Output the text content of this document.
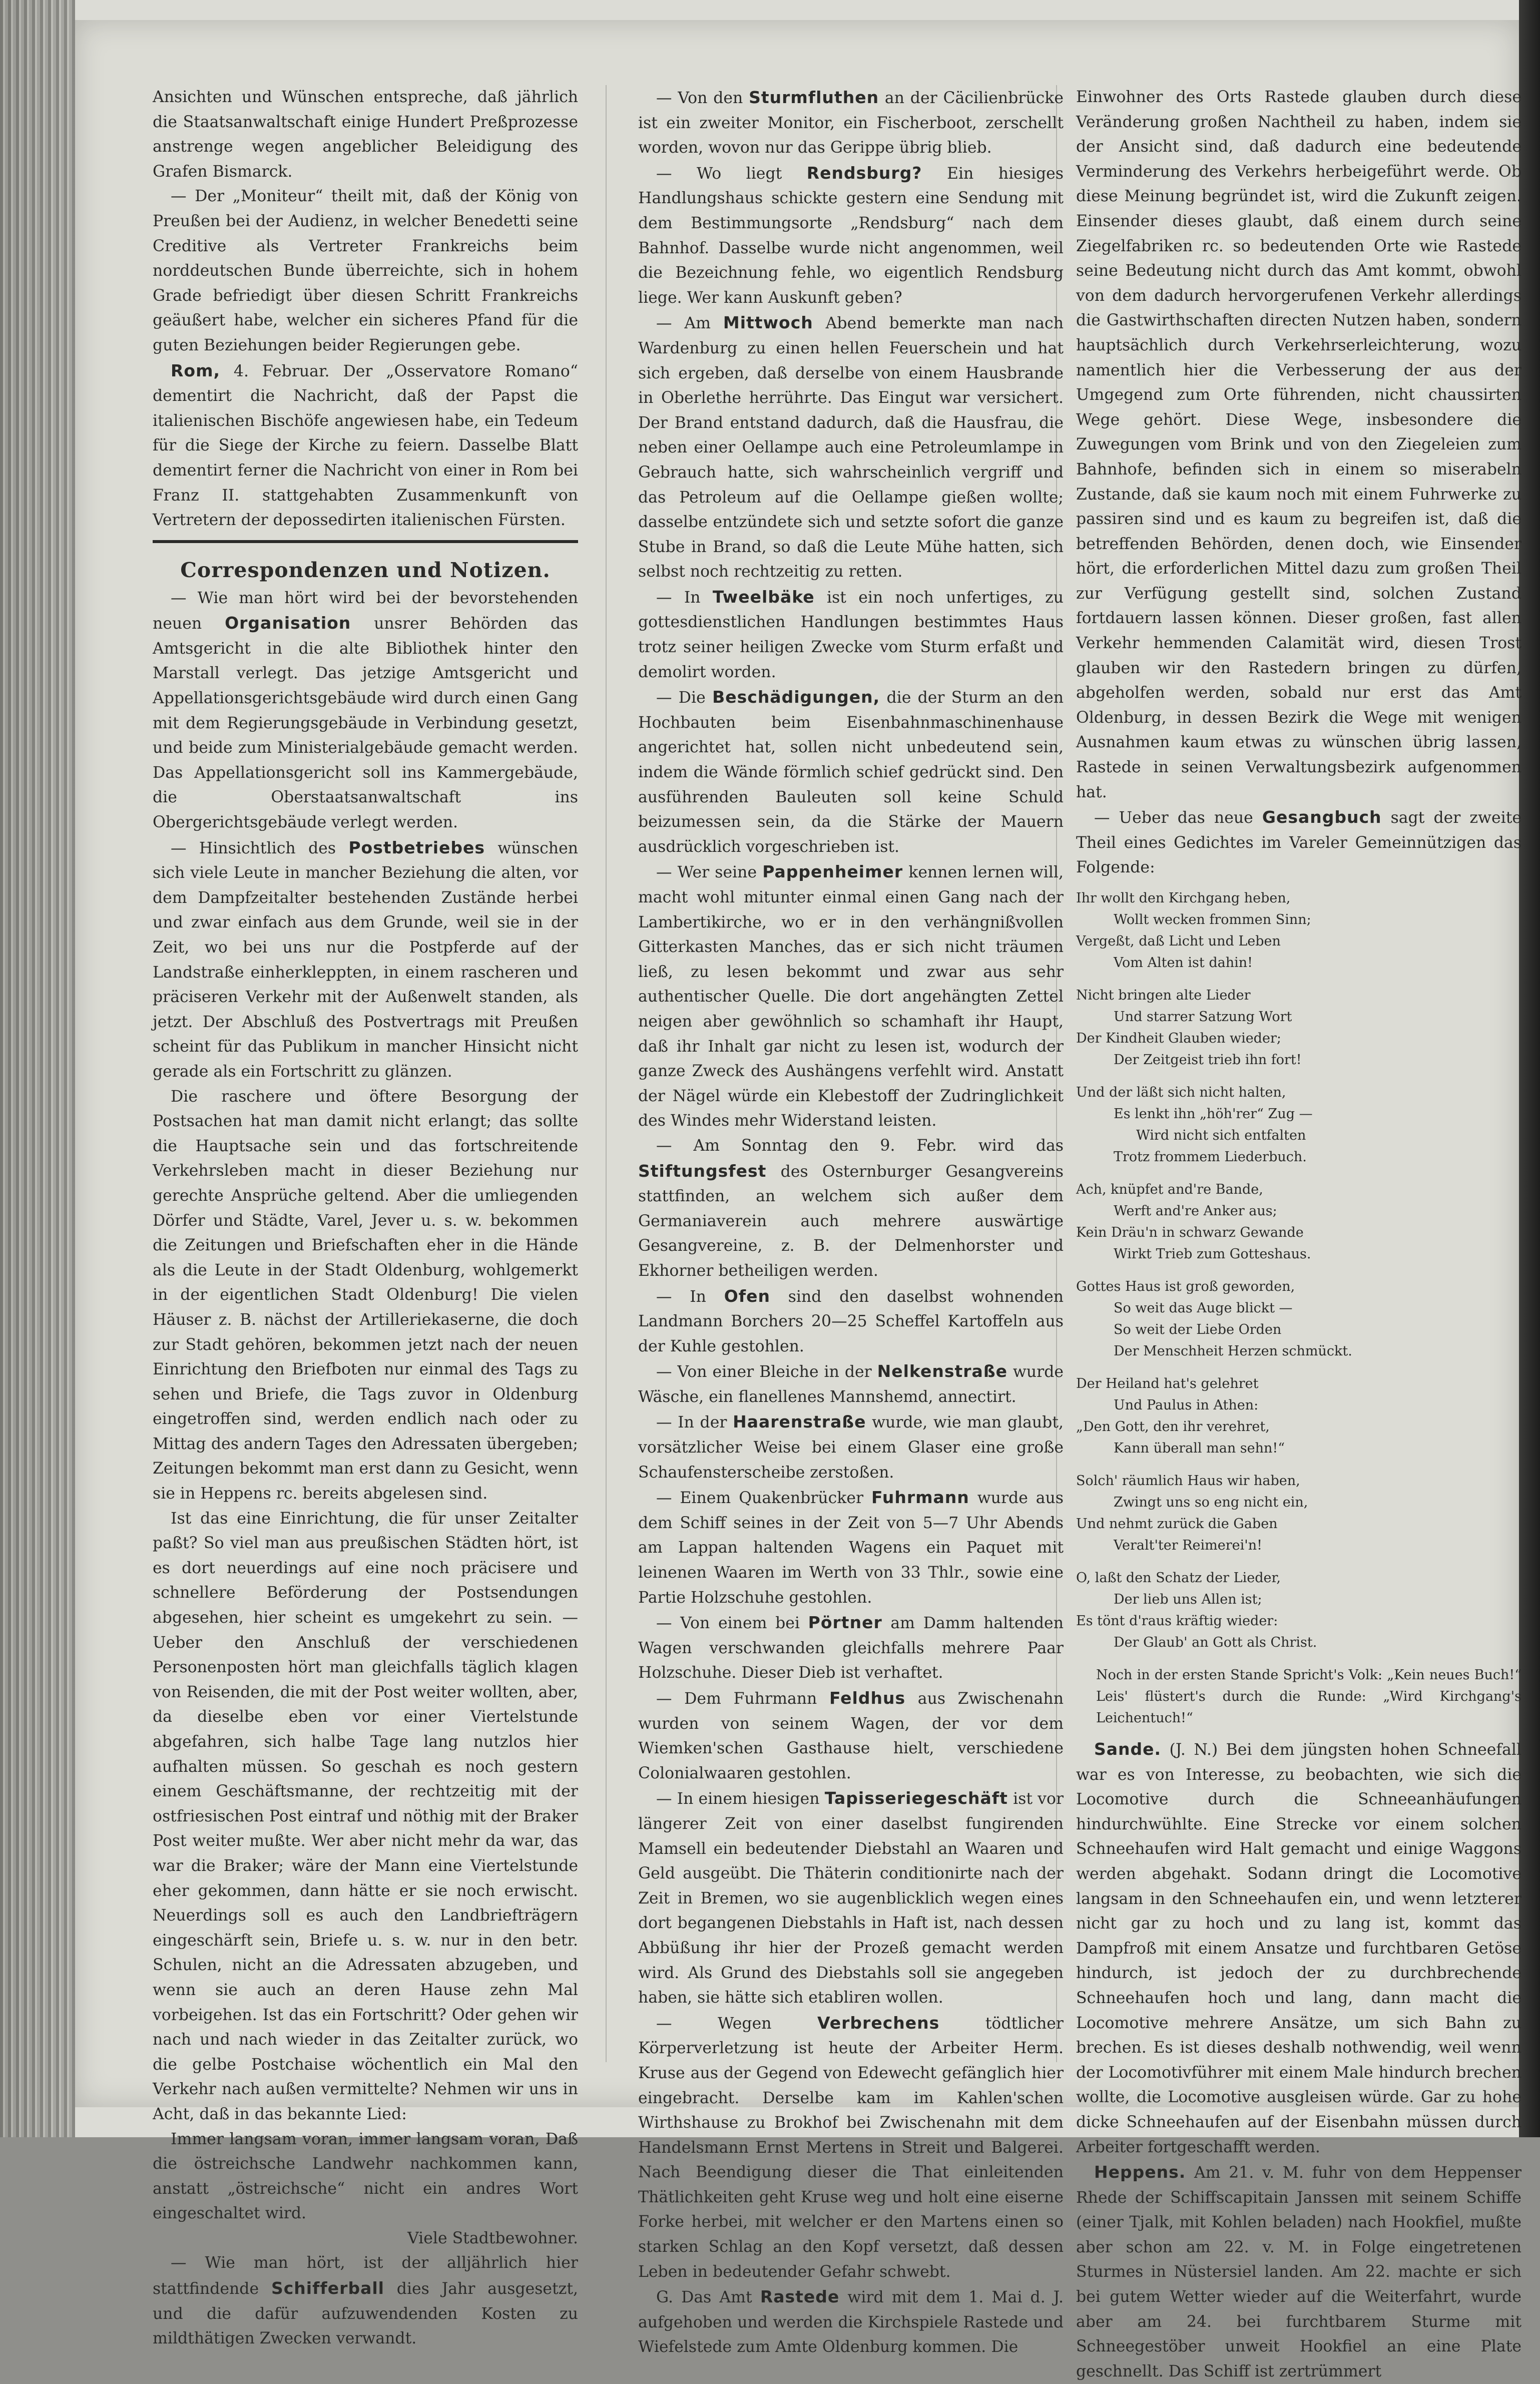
Ansichten und Wünschen entspreche, daß jährlich die Staatsanwaltschaft einige Hundert Preßprozesse anstrenge wegen angeblicher Beleidigung des Grafen Bismarck.

— Der „Moniteur“ theilt mit, daß der König von Preußen bei der Audienz, in welcher Benedetti seine Creditive als Vertreter Frankreichs beim norddeutschen Bunde überreichte, sich in hohem Grade befriedigt über diesen Schritt Frankreichs geäußert habe, welcher ein sicheres Pfand für die guten Beziehungen beider Regierungen gebe.

Rom, 4. Februar. Der „Osservatore Romano“ dementirt die Nachricht, daß der Papst die italienischen Bischöfe angewiesen habe, ein Tedeum für die Siege der Kirche zu feiern. Dasselbe Blatt dementirt ferner die Nachricht von einer in Rom bei Franz II. stattgehabten Zusammenkunft von Vertretern der depossedirten italienischen Fürsten.

Correspondenzen und Notizen.

— Wie man hört wird bei der bevorstehenden neuen Organisation unsrer Behörden das Amtsgericht in die alte Bibliothek hinter den Marstall verlegt. Das jetzige Amtsgericht und Appellationsgerichtsgebäude wird durch einen Gang mit dem Regierungsgebäude in Verbindung gesetzt, und beide zum Ministerialgebäude gemacht werden. Das Appellationsgericht soll ins Kammergebäude, die Oberstaatsanwaltschaft ins Obergerichtsgebäude verlegt werden.

— Hinsichtlich des Postbetriebes wünschen sich viele Leute in mancher Beziehung die alten, vor dem Dampfzeitalter bestehenden Zustände herbei und zwar einfach aus dem Grunde, weil sie in der Zeit, wo bei uns nur die Postpferde auf der Landstraße einherkleppten, in einem rascheren und präciseren Verkehr mit der Außenwelt standen, als jetzt. Der Abschluß des Postvertrags mit Preußen scheint für das Publikum in mancher Hinsicht nicht gerade als ein Fortschritt zu glänzen.

Die raschere und öftere Besorgung der Postsachen hat man damit nicht erlangt; das sollte die Hauptsache sein und das fortschreitende Verkehrsleben macht in dieser Beziehung nur gerechte Ansprüche geltend. Aber die umliegenden Dörfer und Städte, Varel, Jever u. s. w. bekommen die Zeitungen und Briefschaften eher in die Hände als die Leute in der Stadt Oldenburg, wohlgemerkt in der eigentlichen Stadt Oldenburg! Die vielen Häuser z. B. nächst der Artilleriekaserne, die doch zur Stadt gehören, bekommen jetzt nach der neuen Einrichtung den Briefboten nur einmal des Tags zu sehen und Briefe, die Tags zuvor in Oldenburg eingetroffen sind, werden endlich nach oder zu Mittag des andern Tages den Adressaten übergeben; Zeitungen bekommt man erst dann zu Gesicht, wenn sie in Heppens rc. bereits abgelesen sind.

Ist das eine Einrichtung, die für unser Zeitalter paßt? So viel man aus preußischen Städten hört, ist es dort neuerdings auf eine noch präcisere und schnellere Beförderung der Postsendungen abgesehen, hier scheint es umgekehrt zu sein. — Ueber den Anschluß der verschiedenen Personenposten hört man gleichfalls täglich klagen von Reisenden, die mit der Post weiter wollten, aber, da dieselbe eben vor einer Viertelstunde abgefahren, sich halbe Tage lang nutzlos hier aufhalten müssen. So geschah es noch gestern einem Geschäftsmanne, der rechtzeitig mit der ostfriesischen Post eintraf und nöthig mit der Braker Post weiter mußte. Wer aber nicht mehr da war, das war die Braker; wäre der Mann eine Viertelstunde eher gekommen, dann hätte er sie noch erwischt. Neuerdings soll es auch den Landbriefträgern eingeschärft sein, Briefe u. s. w. nur in den betr. Schulen, nicht an die Adressaten abzugeben, und wenn sie auch an deren Hause zehn Mal vorbeigehen. Ist das ein Fortschritt? Oder gehen wir nach und nach wieder in das Zeitalter zurück, wo die gelbe Postchaise wöchentlich ein Mal den Verkehr nach außen vermittelte? Nehmen wir uns in Acht, daß in das bekannte Lied:

Immer langsam voran, immer langsam voran, Daß die östreichsche Landwehr nachkommen kann, anstatt „östreichsche“ nicht ein andres Wort eingeschaltet wird.

Viele Stadtbewohner.

— Wie man hört, ist der alljährlich hier stattfindende Schifferball dies Jahr ausgesetzt, und die dafür aufzuwendenden Kosten zu mildthätigen Zwecken verwandt.

— Von den Sturmfluthen an der Cäcilienbrücke ist ein zweiter Monitor, ein Fischerboot, zerschellt worden, wovon nur das Gerippe übrig blieb.

— Wo liegt Rendsburg? Ein hiesiges Handlungshaus schickte gestern eine Sendung mit dem Bestimmungsorte „Rendsburg“ nach dem Bahnhof. Dasselbe wurde nicht angenommen, weil die Bezeichnung fehle, wo eigentlich Rendsburg liege. Wer kann Auskunft geben?

— Am Mittwoch Abend bemerkte man nach Wardenburg zu einen hellen Feuerschein und hat sich ergeben, daß derselbe von einem Hausbrande in Oberlethe herrührte. Das Eingut war versichert. Der Brand entstand dadurch, daß die Hausfrau, die neben einer Oellampe auch eine Petroleumlampe in Gebrauch hatte, sich wahrscheinlich vergriff und das Petroleum auf die Oellampe gießen wollte; dasselbe entzündete sich und setzte sofort die ganze Stube in Brand, so daß die Leute Mühe hatten, sich selbst noch rechtzeitig zu retten.

— In Tweelbäke ist ein noch unfertiges, zu gottesdienstlichen Handlungen bestimmtes Haus trotz seiner heiligen Zwecke vom Sturm erfaßt und demolirt worden.

— Die Beschädigungen, die der Sturm an den Hochbauten beim Eisenbahnmaschinenhause angerichtet hat, sollen nicht unbedeutend sein, indem die Wände förmlich schief gedrückt sind. Den ausführenden Bauleuten soll keine Schuld beizumessen sein, da die Stärke der Mauern ausdrücklich vorgeschrieben ist.

— Wer seine Pappenheimer kennen lernen will, macht wohl mitunter einmal einen Gang nach der Lambertikirche, wo er in den verhängnißvollen Gitterkasten Manches, das er sich nicht träumen ließ, zu lesen bekommt und zwar aus sehr authentischer Quelle. Die dort angehängten Zettel neigen aber gewöhnlich so schamhaft ihr Haupt, daß ihr Inhalt gar nicht zu lesen ist, wodurch der ganze Zweck des Aushängens verfehlt wird. Anstatt der Nägel würde ein Klebestoff der Zudringlichkeit des Windes mehr Widerstand leisten.

— Am Sonntag den 9. Febr. wird das Stiftungsfest des Osternburger Gesangvereins stattfinden, an welchem sich außer dem Germaniaverein auch mehrere auswärtige Gesangvereine, z. B. der Delmenhorster und Ekhorner betheiligen werden.

— In Ofen sind den daselbst wohnenden Landmann Borchers 20—25 Scheffel Kartoffeln aus der Kuhle gestohlen.

— Von einer Bleiche in der Nelkenstraße wurde Wäsche, ein flanellenes Mannshemd, annectirt.

— In der Haarenstraße wurde, wie man glaubt, vorsätzlicher Weise bei einem Glaser eine große Schaufensterscheibe zerstoßen.

— Einem Quakenbrücker Fuhrmann wurde aus dem Schiff seines in der Zeit von 5—7 Uhr Abends am Lappan haltenden Wagens ein Paquet mit leinenen Waaren im Werth von 33 Thlr., sowie eine Partie Holzschuhe gestohlen.

— Von einem bei Pörtner am Damm haltenden Wagen verschwanden gleichfalls mehrere Paar Holzschuhe. Dieser Dieb ist verhaftet.

— Dem Fuhrmann Feldhus aus Zwischenahn wurden von seinem Wagen, der vor dem Wiemken'schen Gasthause hielt, verschiedene Colonialwaaren gestohlen.

— In einem hiesigen Tapisseriegeschäft ist vor längerer Zeit von einer daselbst fungirenden Mamsell ein bedeutender Diebstahl an Waaren und Geld ausgeübt. Die Thäterin conditionirte nach der Zeit in Bremen, wo sie augenblicklich wegen eines dort begangenen Diebstahls in Haft ist, nach dessen Abbüßung ihr hier der Prozeß gemacht werden wird. Als Grund des Diebstahls soll sie angegeben haben, sie hätte sich etabliren wollen.

— Wegen Verbrechens tödtlicher Körperverletzung ist heute der Arbeiter Herm. Kruse aus der Gegend von Edewecht gefänglich hier eingebracht. Derselbe kam im Kahlen'schen Wirthshause zu Brokhof bei Zwischenahn mit dem Handelsmann Ernst Mertens in Streit und Balgerei. Nach Beendigung dieser die That einleitenden Thätlichkeiten geht Kruse weg und holt eine eiserne Forke herbei, mit welcher er den Martens einen so starken Schlag an den Kopf versetzt, daß dessen Leben in bedeutender Gefahr schwebt.

G. Das Amt Rastede wird mit dem 1. Mai d. J. aufgehoben und werden die Kirchspiele Rastede und Wiefelstede zum Amte Oldenburg kommen. Die

Einwohner des Orts Rastede glauben durch diese Veränderung großen Nachtheil zu haben, indem sie der Ansicht sind, daß dadurch eine bedeutende Verminderung des Verkehrs herbeigeführt werde. Ob diese Meinung begründet ist, wird die Zukunft zeigen. Einsender dieses glaubt, daß einem durch seine Ziegelfabriken rc. so bedeutenden Orte wie Rastede seine Bedeutung nicht durch das Amt kommt, obwohl von dem dadurch hervorgerufenen Verkehr allerdings die Gastwirthschaften directen Nutzen haben, sondern hauptsächlich durch Verkehrserleichterung, wozu namentlich hier die Verbesserung der aus der Umgegend zum Orte führenden, nicht chaussirten Wege gehört. Diese Wege, insbesondere die Zuwegungen vom Brink und von den Ziegeleien zum Bahnhofe, befinden sich in einem so miserabeln Zustande, daß sie kaum noch mit einem Fuhrwerke zu passiren sind und es kaum zu begreifen ist, daß die betreffenden Behörden, denen doch, wie Einsender hört, die erforderlichen Mittel dazu zum großen Theil zur Verfügung gestellt sind, solchen Zustand fortdauern lassen können. Dieser großen, fast allen Verkehr hemmenden Calamität wird, diesen Trost glauben wir den Rastedern bringen zu dürfen, abgeholfen werden, sobald nur erst das Amt Oldenburg, in dessen Bezirk die Wege mit wenigen Ausnahmen kaum etwas zu wünschen übrig lassen, Rastede in seinen Verwaltungsbezirk aufgenommen hat.

— Ueber das neue Gesangbuch sagt der zweite Theil eines Gedichtes im Vareler Gemeinnützigen das Folgende:

Ihr wollt den Kirchgang heben,
Wollt wecken frommen Sinn;
Vergeßt, daß Licht und Leben
Vom Alten ist dahin!
Nicht bringen alte Lieder
Und starrer Satzung Wort
Der Kindheit Glauben wieder;
Der Zeitgeist trieb ihn fort!
Und der läßt sich nicht halten,
Es lenkt ihn „höh'rer“ Zug —
Wird nicht sich entfalten
Trotz frommem Liederbuch.
Ach, knüpfet and're Bande,
Werft and're Anker aus;
Kein Dräu'n in schwarz Gewande
Wirkt Trieb zum Gotteshaus.
Gottes Haus ist groß geworden,
So weit das Auge blickt —
So weit der Liebe Orden
Der Menschheit Herzen schmückt.
Der Heiland hat's gelehret
Und Paulus in Athen:
„Den Gott, den ihr verehret,
Kann überall man sehn!“
Solch' räumlich Haus wir haben,
Zwingt uns so eng nicht ein,
Und nehmt zurück die Gaben
Veralt'ter Reimerei'n!
O, laßt den Schatz der Lieder,
Der lieb uns Allen ist;
Es tönt d'raus kräftig wieder:
Der Glaub' an Gott als Christ.

Noch in der ersten Stande Spricht's Volk: „Kein neues Buch!“ Leis' flüstert's durch die Runde: „Wird Kirchgang's Leichentuch!“

Sande. (J. N.) Bei dem jüngsten hohen Schneefall war es von Interesse, zu beobachten, wie sich die Locomotive durch die Schneeanhäufungen hindurchwühlte. Eine Strecke vor einem solchen Schneehaufen wird Halt gemacht und einige Waggons werden abgehakt. Sodann dringt die Locomotive langsam in den Schneehaufen ein, und wenn letzterer nicht gar zu hoch und zu lang ist, kommt das Dampfroß mit einem Ansatze und furchtbaren Getöse hindurch, ist jedoch der zu durchbrechende Schneehaufen hoch und lang, dann macht die Locomotive mehrere Ansätze, um sich Bahn zu brechen. Es ist dieses deshalb nothwendig, weil wenn der Locomotivführer mit einem Male hindurch brechen wollte, die Locomotive ausgleisen würde. Gar zu hohe dicke Schneehaufen auf der Eisenbahn müssen durch Arbeiter fortgeschafft werden.

Heppens. Am 21. v. M. fuhr von dem Heppenser Rhede der Schiffscapitain Janssen mit seinem Schiffe (einer Tjalk, mit Kohlen beladen) nach Hookfiel, mußte aber schon am 22. v. M. in Folge eingetretenen Sturmes in Nüstersiel landen. Am 22. machte er sich bei gutem Wetter wieder auf die Weiterfahrt, wurde aber am 24. bei furchtbarem Sturme mit Schneegestöber unweit Hookfiel an eine Plate geschnellt. Das Schiff ist zertrümmert
